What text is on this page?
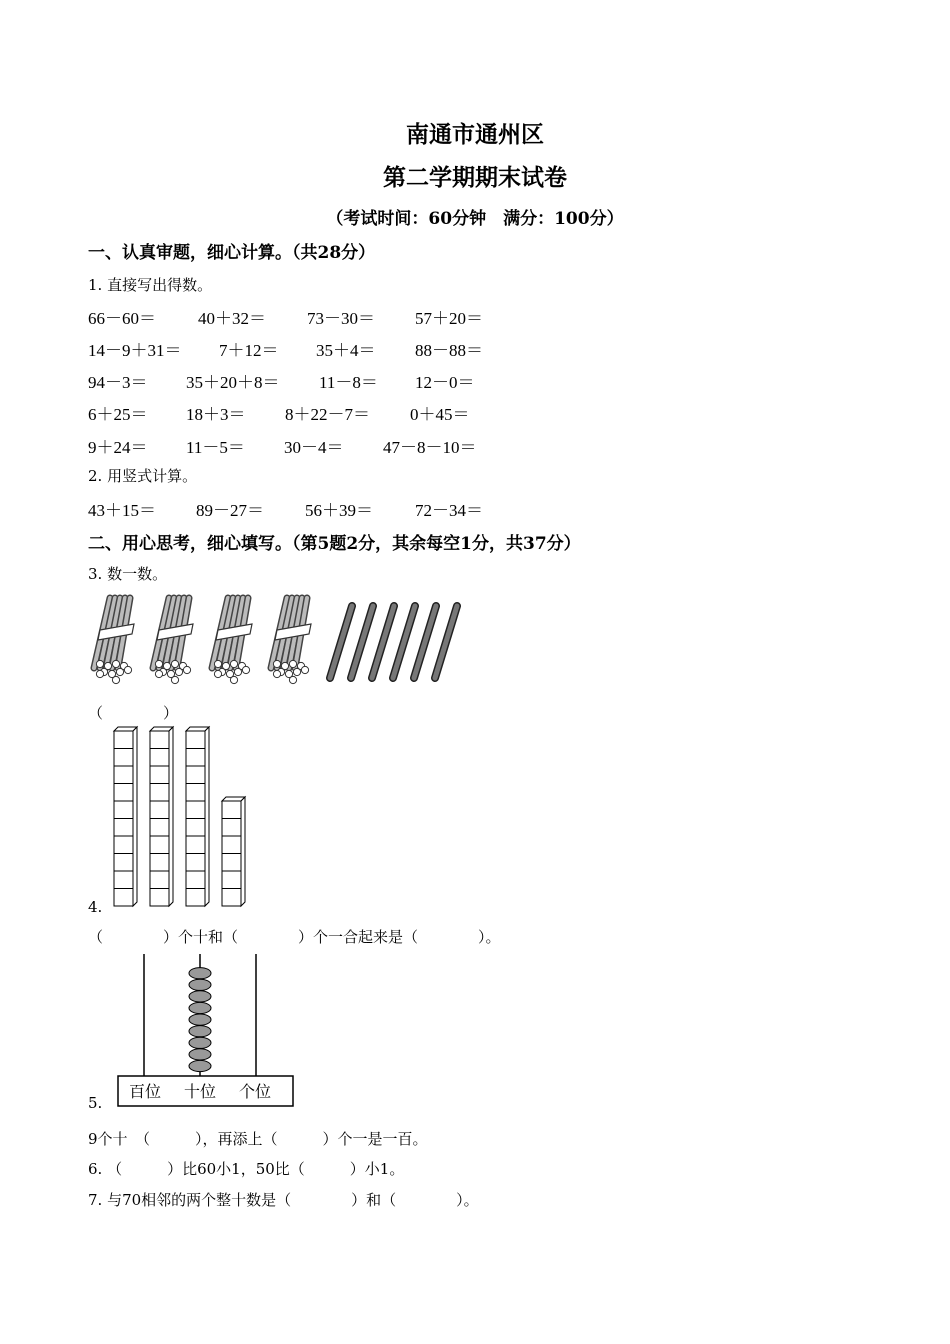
南通市通州区
第二学期期末试卷
（考试时间：60分钟　满分：100分）
一、认真审题，细心计算。（共28分）
1. 直接写出得数。
66－60＝ 40＋32＝ 73－30＝ 57＋20＝
14－9＋31＝ 7＋12＝ 35＋4＝ 88－88＝
94－3＝ 35＋20＋8＝ 11－8＝ 12－0＝
6＋25＝ 18＋3＝ 8＋22－7＝ 0＋45＝
9＋24＝ 11－5＝ 30－4＝ 47－8－10＝
2. 用竖式计算。
43＋15＝ 89－27＝ 56＋39＝ 72－34＝
二、用心思考，细心填写。（第5题2分，其余每空1分，共37分）
3. 数一数。
（　　　　）
4.
（　　　　）个十和（　　　　）个一合起来是（　　　　）。
百位 十位 个位
5.
9个十　（　　　），再添上（　　　）个一是一百。
6. （　　　）比60小1，50比（　　　）小1。
7. 与70相邻的两个整十数是（　　　　）和（　　　　）。
